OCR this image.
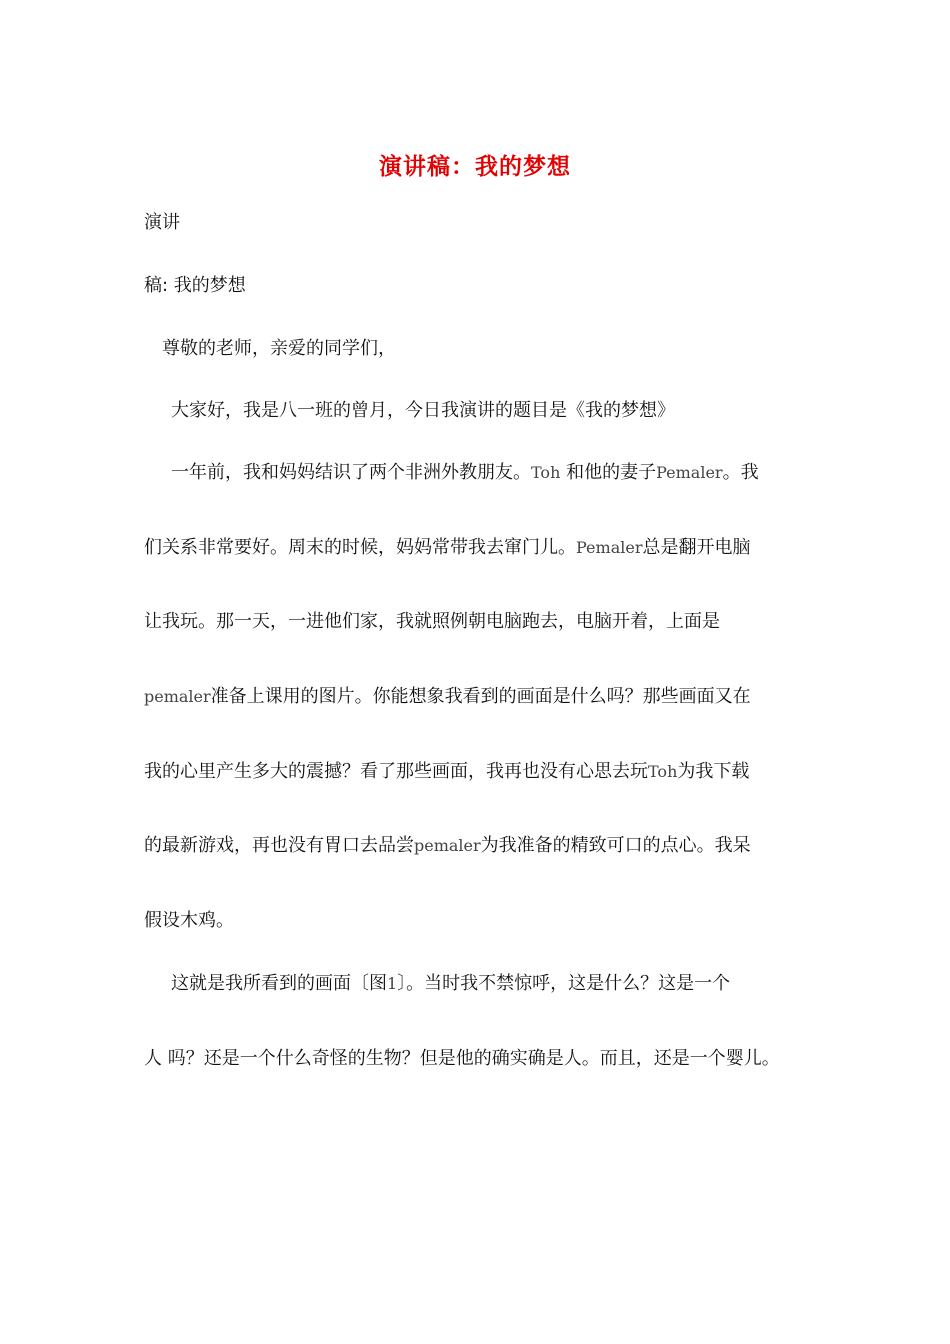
演讲稿：我的梦想
演讲
稿: 我的梦想
尊敬的老师，亲爱的同学们，
大家好，我是八一班的曾月，今日我演讲的题目是《我的梦想》
一年前，我和妈妈结识了两个非洲外教朋友。Toh 和他的妻子Pemaler。我
们关系非常要好。周末的时候，妈妈常带我去窜门儿。Pemaler总是翻开电脑
让我玩。那一天，一进他们家，我就照例朝电脑跑去，电脑开着，上面是
pemaler准备上课用的图片。你能想象我看到的画面是什么吗？那些画面又在
我的心里产生多大的震撼？看了那些画面，我再也没有心思去玩Toh为我下载
的最新游戏，再也没有胃口去品尝pemaler为我准备的精致可口的点心。我呆
假设木鸡。
这就是我所看到的画面〔图1〕。当时我不禁惊呼，这是什么？这是一个
人 吗？还是一个什么奇怪的生物？但是他的确实确是人。而且，还是一个婴儿。
